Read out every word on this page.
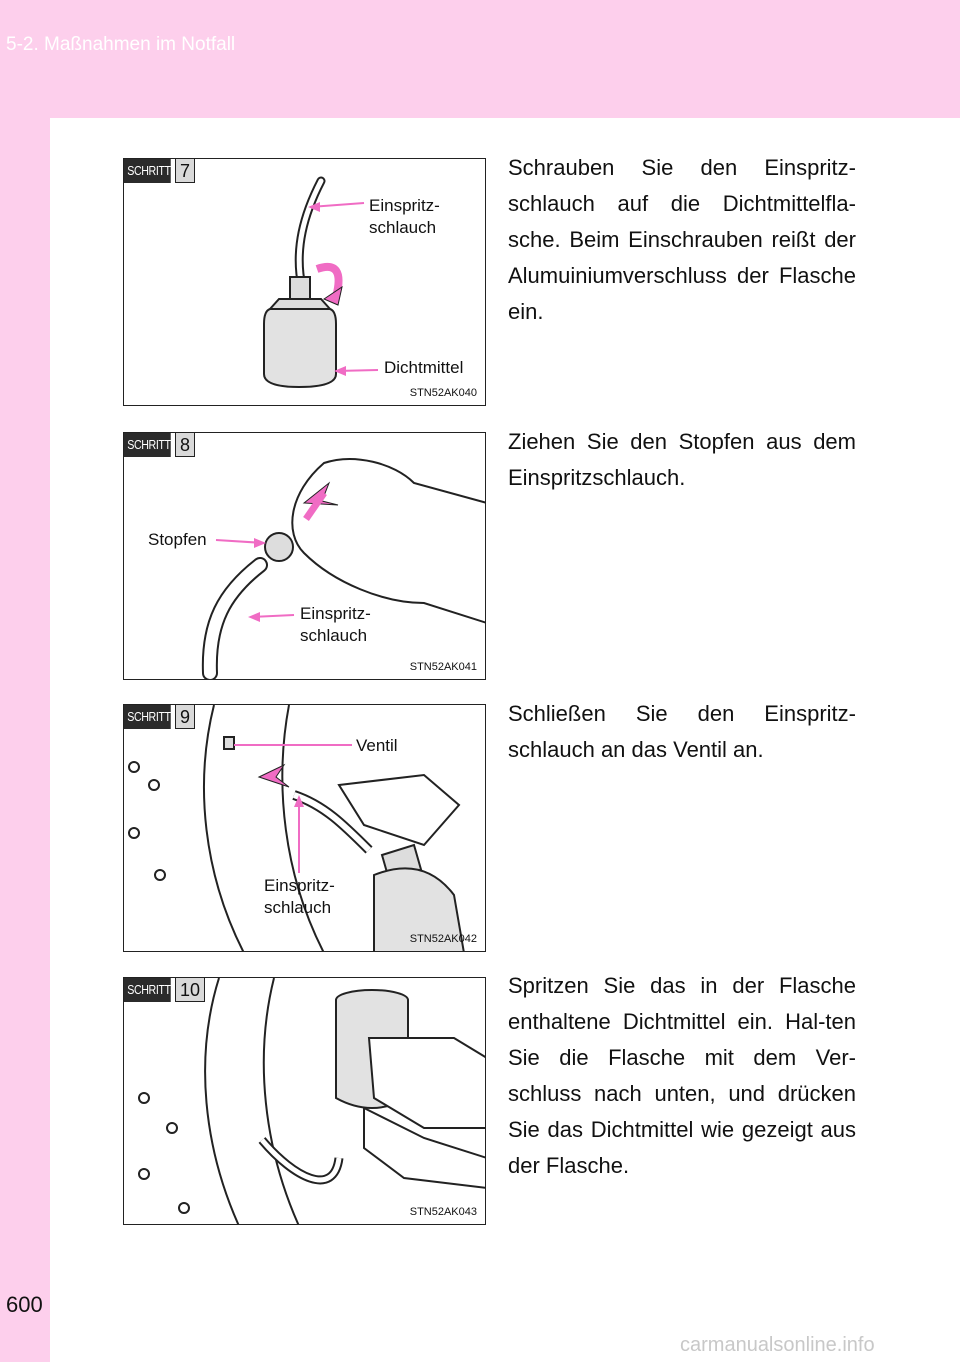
5-2. Maßnahmen im Notfall
SCHRITT 7
Einspritz-
schlauch
Dichtmittel
STN52AK040
Schrauben Sie den Einspritz-schlauch auf die Dichtmittelfla-sche. Beim Einschrauben reißt der Alumuiniumverschluss der Flasche ein.
SCHRITT 8
Stopfen
Einspritz-
schlauch
STN52AK041
Ziehen Sie den Stopfen aus dem Einspritzschlauch.
SCHRITT 9
Ventil
Einspritz-
schlauch
STN52AK042
Schließen Sie den Einspritz-schlauch an das Ventil an.
SCHRITT 10
STN52AK043
Spritzen Sie das in der Flasche enthaltene Dichtmittel ein. Hal-ten Sie die Flasche mit dem Ver-schluss nach unten, und drücken Sie das Dichtmittel wie gezeigt aus der Flasche.
600
carmanualsonline.info
